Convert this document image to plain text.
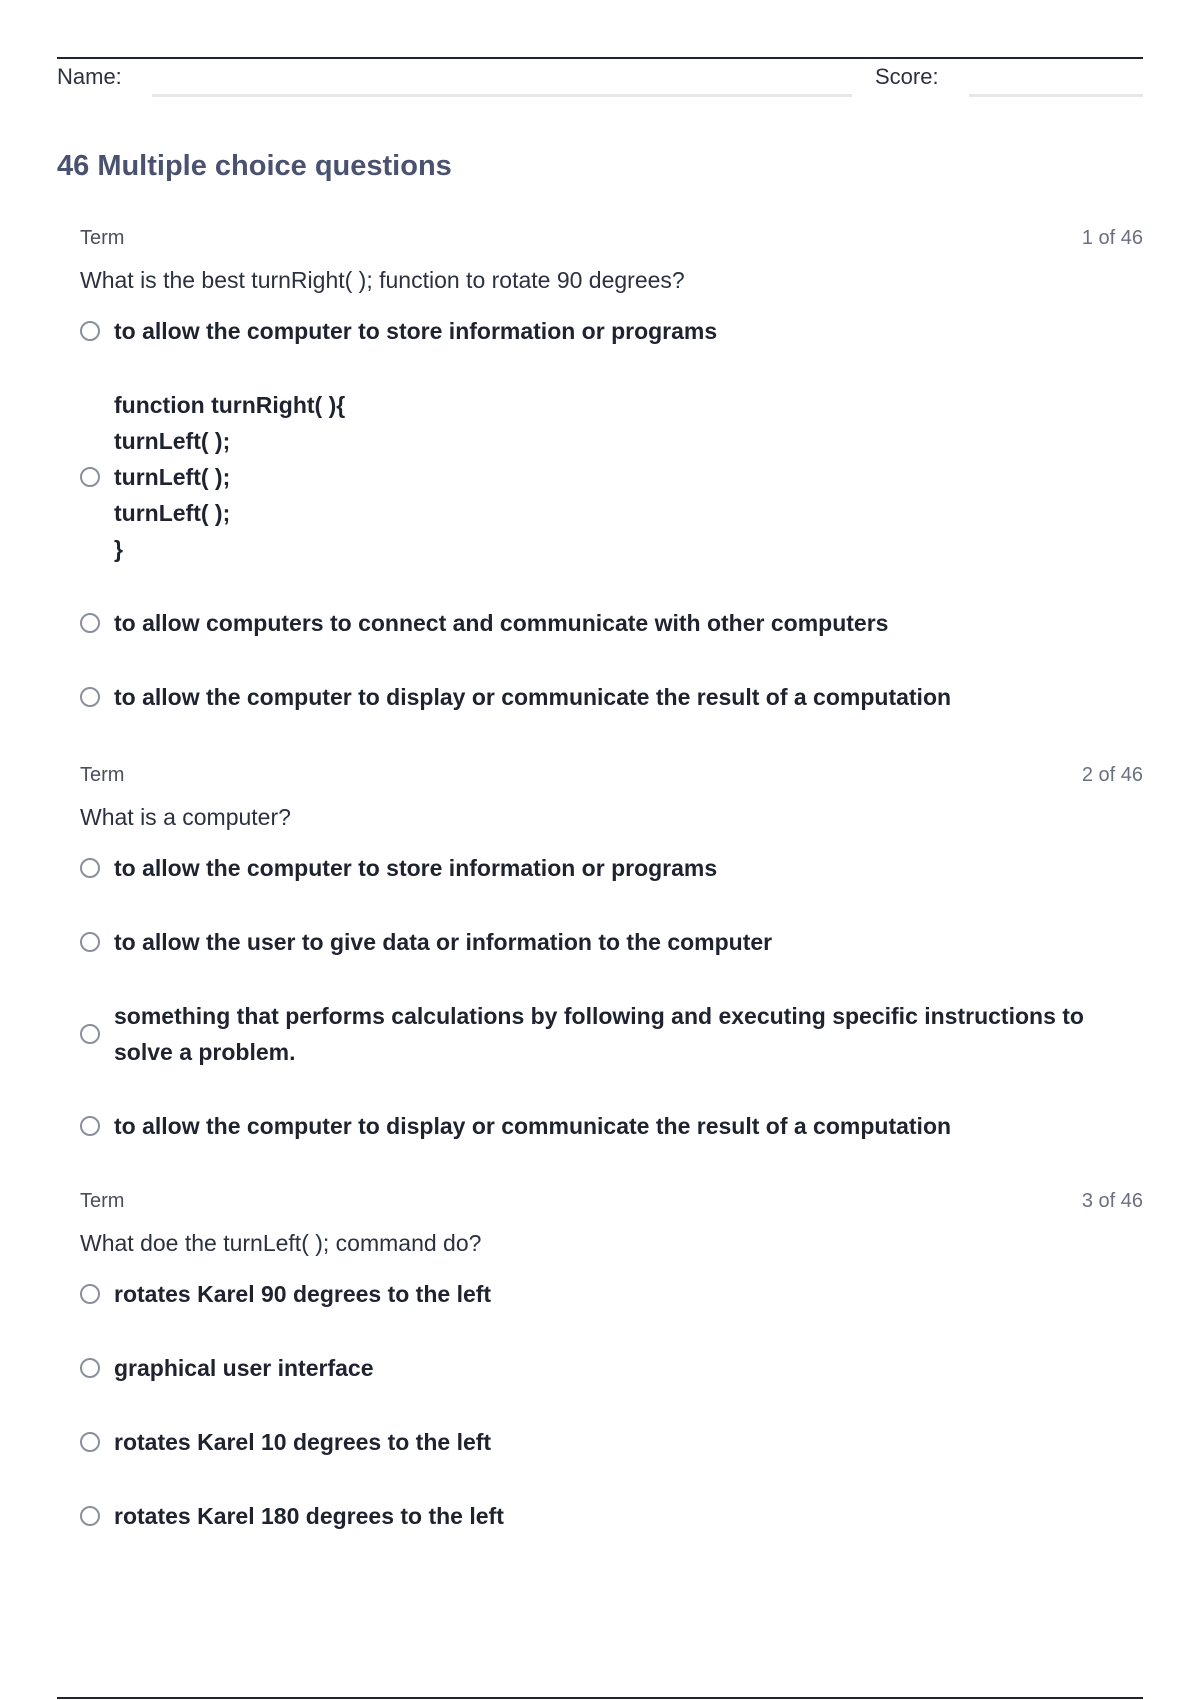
Name:	Score:
46 Multiple choice questions
Term	1 of 46
What is the best turnRight( ); function to rotate 90 degrees?
to allow the computer to store information or programs
function turnRight( ){
turnLeft( );
turnLeft( );
turnLeft( );
}
to allow computers to connect and communicate with other computers
to allow the computer to display or communicate the result of a computation
Term	2 of 46
What is a computer?
to allow the computer to store information or programs
to allow the user to give data or information to the computer
something that performs calculations by following and executing specific instructions to
solve a problem.
to allow the computer to display or communicate the result of a computation
Term	3 of 46
What doe the turnLeft( ); command do?
rotates Karel 90 degrees to the left
graphical user interface
rotates Karel 10 degrees to the left
rotates Karel 180 degrees to the left
